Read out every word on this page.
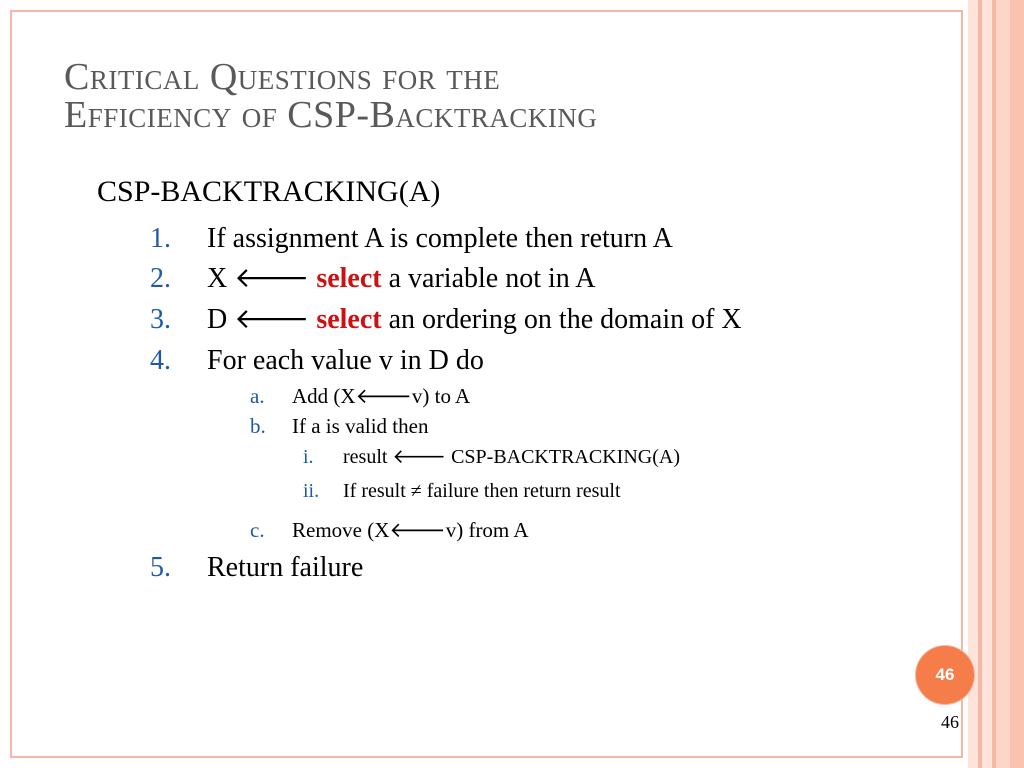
Critical Questions for the
Efficiency of CSP-Backtracking
CSP-BACKTRACKING(A)
1. If assignment A is complete then return A
2. X 🡐 select a variable not in A
3. D 🡐 select an ordering on the domain of X
4. For each value v in D do
a. Add (X🡐v) to A
b. If a is valid then
i. result 🡐 CSP-BACKTRACKING(A)
ii. If result ≠ failure then return result
c. Remove (X🡐v) from A
5. Return failure
46
46
